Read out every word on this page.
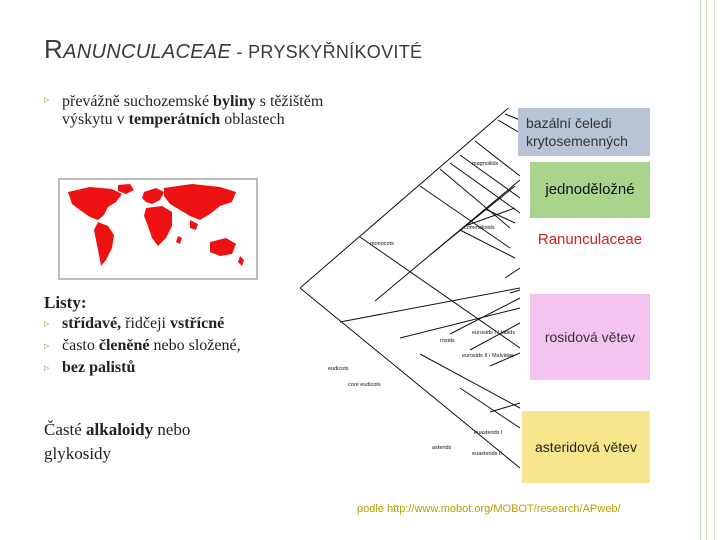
RANUNCULACEAE - PRYSKYŘNÍKOVITÉ
▹ převážně suchozemské byliny s těžištěm výskytu v temperátních oblastech
Listy:
▹ střídavé, řidčeji vstřícné
▹ často členěné nebo složené,
▹ bez palistů
Časté alkaloidy nebo
glykosidy
magnoliids
monocots
commelinids
eudicots
core eudicots
rosids
asterids
eurosids I / fabids
eurosids II / Malvidae
euasterids I
euasterids II
bazální čeledi krytosemenných
jednoděložné
Ranunculaceae
rosidová větev
asteridová větev
podle http://www.mobot.org/MOBOT/research/APweb/
